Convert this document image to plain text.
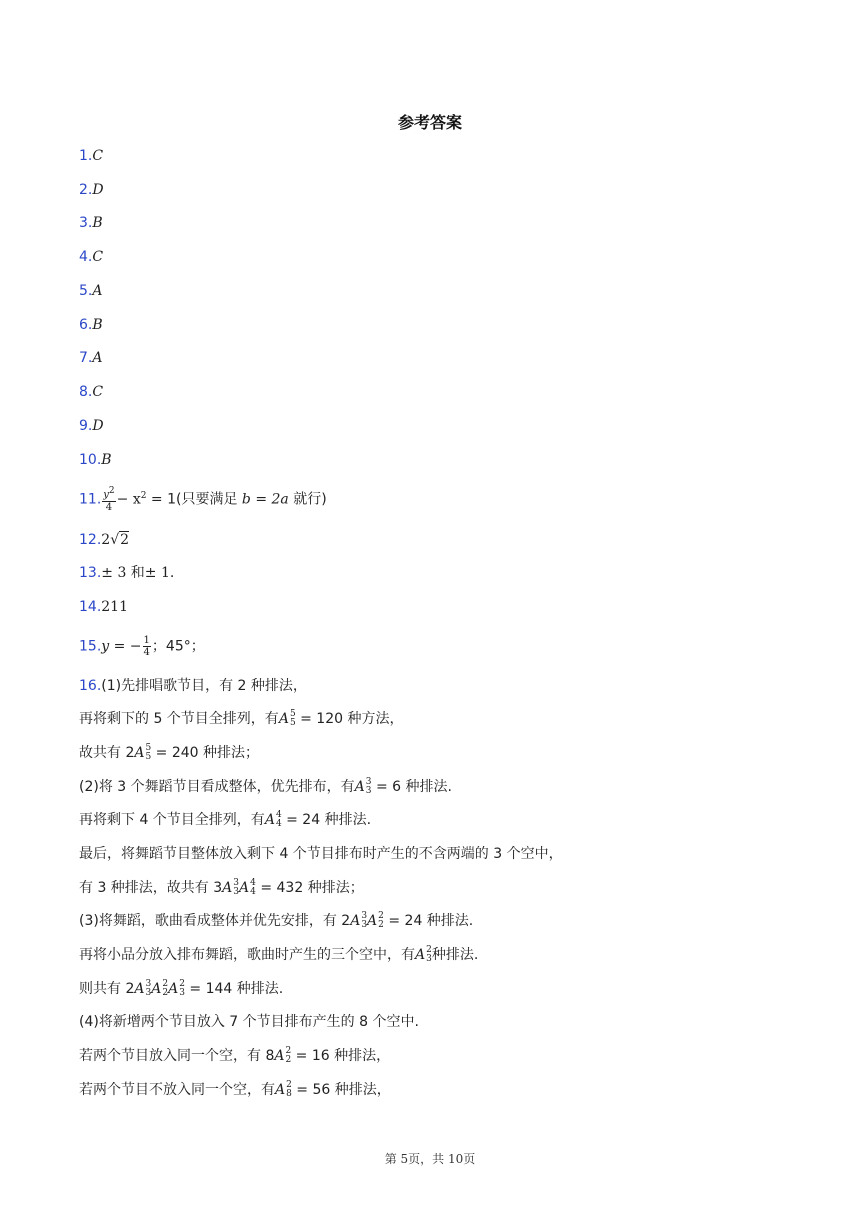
参考答案
1.C
2.D
3.B
4.C
5.A
6.B
7.A
8.C
9.D
10.B
11. $\frac{y^2}{4} - x^2 = 1$(只要满足 b = 2a 就行)
12.2√2
13.± 3 和± 1.
14.211
15.y = − $\frac{1}{4}$ ；45°；
16.(1)先排唱歌节目，有 2 种排法，
再将剩下的 5 个节目全排列，有A 5
5 = 120 种方法，
故共有 2A 5
5 = 240 种排法；
(2)将 3 个舞蹈节目看成整体，优先排布，有A 3
3 = 6 种排法.
再将剩下 4 个节目全排列，有A 4
4 = 24 种排法.
最后，将舞蹈节目整体放入剩下 4 个节目排布时产生的不含两端的 3 个空中，
有 3 种排法，故共有 3A 3
3 A 4
4 = 432 种排法；
(3)将舞蹈，歌曲看成整体并优先安排，有 2A 3
3 A 2
2 = 24 种排法.
再将小品分放入排布舞蹈，歌曲时产生的三个空中，有A 2
3 种排法.
则共有 2A 3
3 A 2
2 A 2
3 = 144 种排法.
(4)将新增两个节目放入 7 个节目排布产生的 8 个空中.
若两个节目放入同一个空，有 8A 2
2 = 16 种排法，
若两个节目不放入同一个空，有A 2
8 = 56 种排法，
第 5页，共 10页
